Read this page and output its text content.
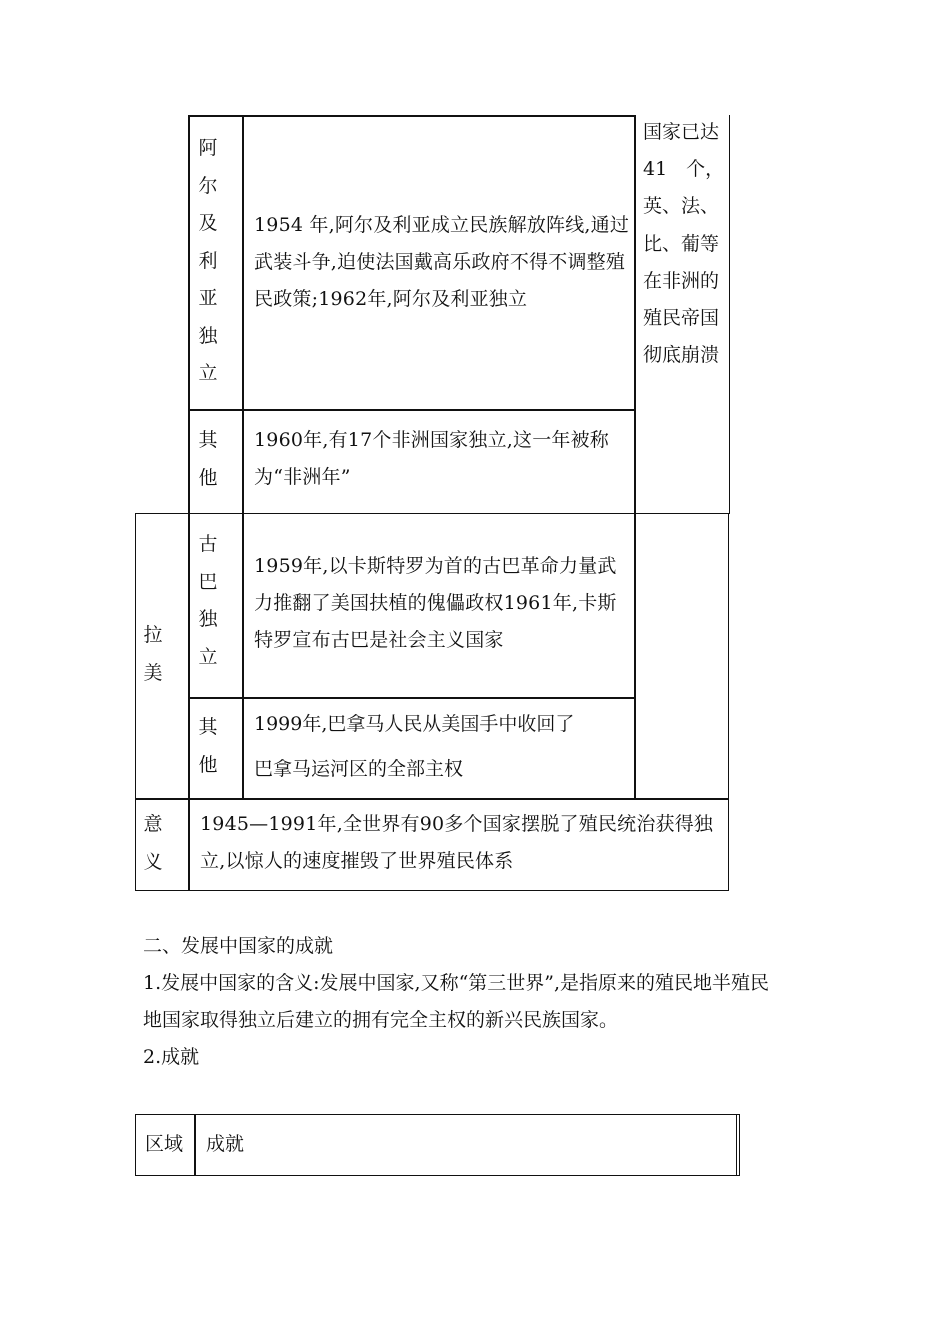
阿
尔
及
利
亚
独
立
1954 年,阿尔及利亚成立民族解放阵线,通过武装斗争,迫使法国戴高乐政府不得不调整殖民政策;1962年,阿尔及利亚独立
国家已达
41　个，
英、法、
比、葡等
在非洲的
殖民帝国
彻底崩溃
其
他
1960年,有17个非洲国家独立,这一年被称为“非洲年”
拉
美
古
巴
独
立
1959年,以卡斯特罗为首的古巴革命力量武力推翻了美国扶植的傀儡政权1961年,卡斯特罗宣布古巴是社会主义国家
其
他
1999年,巴拿马人民从美国手中收回了
巴拿马运河区的全部主权
意
义
1945—1991年,全世界有90多个国家摆脱了殖民统治获得独立,以惊人的速度摧毁了世界殖民体系
二、发展中国家的成就
1.发展中国家的含义:发展中国家,又称“第三世界”,是指原来的殖民地半殖民
地国家取得独立后建立的拥有完全主权的新兴民族国家。
2.成就
区域 成就
